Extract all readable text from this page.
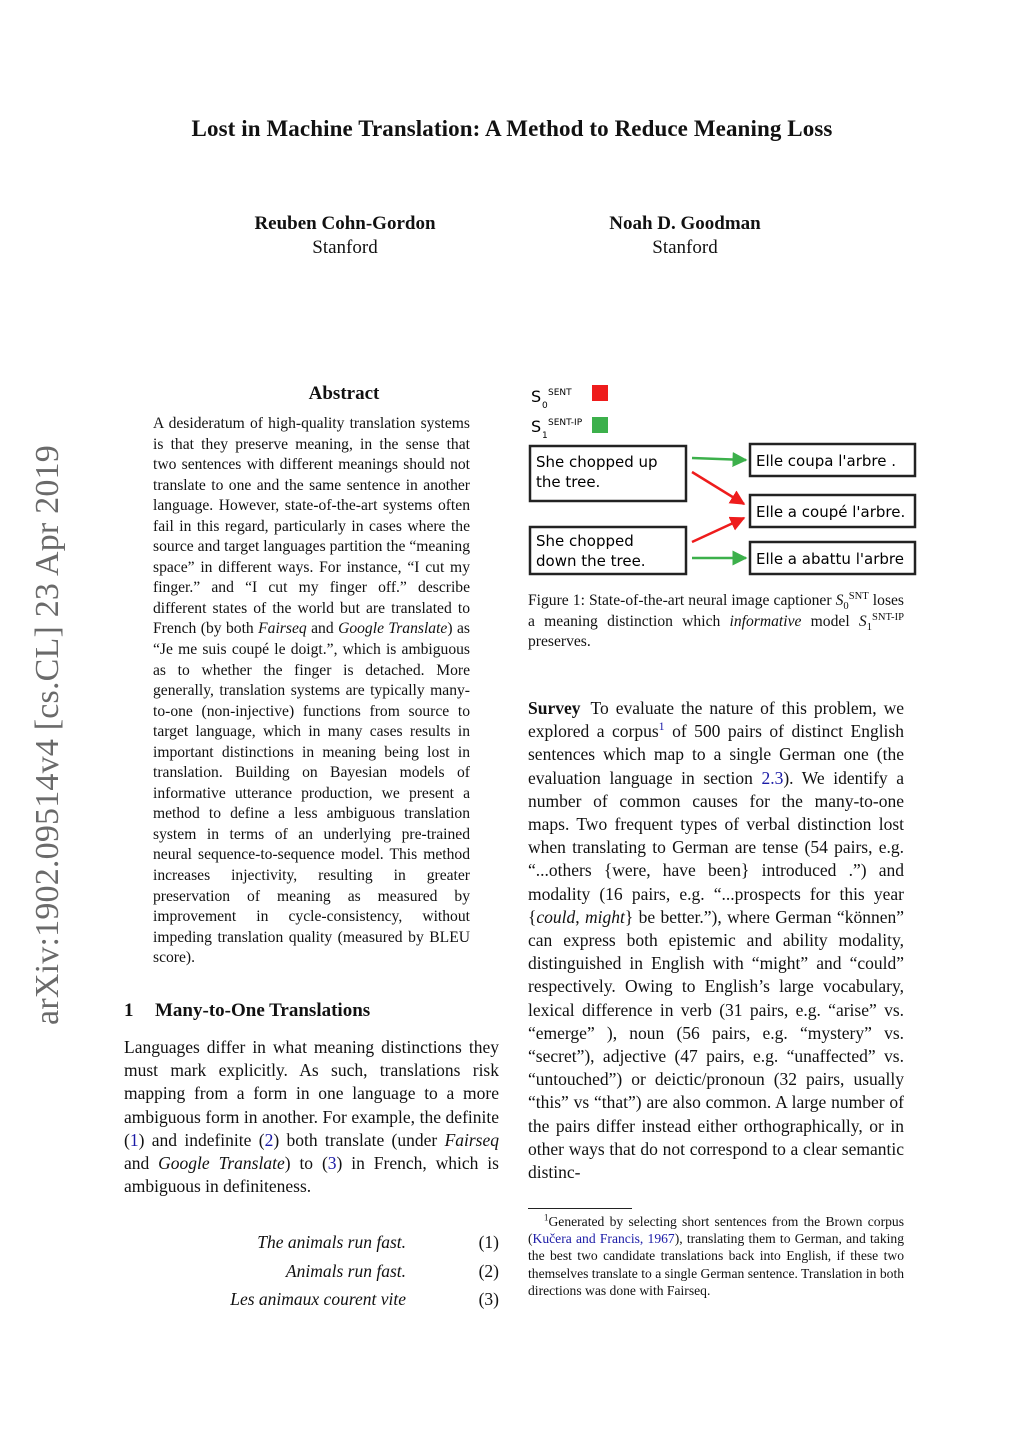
arXiv:1902.09514v4 [cs.CL] 23 Apr 2019
Lost in Machine Translation: A Method to Reduce Meaning Loss
Reuben Cohn-Gordon
Stanford
Noah D. Goodman
Stanford
Abstract
A desideratum of high-quality translation systems is that they preserve meaning, in the sense that two sentences with different meanings should not translate to one and the same sentence in another language. However, state-of-the-art systems often fail in this regard, particularly in cases where the source and target languages partition the “meaning space” in different ways. For instance, “I cut my finger.” and “I cut my finger off.” describe different states of the world but are translated to French (by both Fairseq and Google Translate) as “Je me suis coupé le doigt.”, which is ambiguous as to whether the finger is detached. More generally, translation systems are typically many-to-one (non-injective) functions from source to target language, which in many cases results in important distinctions in meaning being lost in translation. Building on Bayesian models of informative utterance production, we present a method to define a less ambiguous translation system in terms of an underlying pre-trained neural sequence-to-sequence model. This method increases injectivity, resulting in greater preservation of meaning as measured by improvement in cycle-consistency, without impeding translation quality (measured by BLEU score).
1 Many-to-One Translations
Languages differ in what meaning distinctions they must mark explicitly. As such, translations risk mapping from a form in one language to a more ambiguous form in another. For example, the definite (1) and indefinite (2) both translate (under Fairseq and Google Translate) to (3) in French, which is ambiguous in definiteness.
The animals run fast.	(1)
Animals run fast.	(2)
Les animaux courent vite	(3)
S 0
SENT
S 1
SENT-IP
She chopped up
the tree.
She chopped
down the tree.
Elle coupa l'arbre .
Elle a coupé l'arbre.
Elle a abattu l'arbre
Figure 1: State-of-the-art neural image captioner $S_0^{SNT}$ loses a meaning distinction which informative model $S_1^{SNT-IP}$ preserves.
Survey To evaluate the nature of this problem, we explored a corpus$^1$ of 500 pairs of distinct English sentences which map to a single German one (the evaluation language in section 2.3). We identify a number of common causes for the many-to-one maps. Two frequent types of verbal distinction lost when translating to German are tense (54 pairs, e.g. “...others {were, have been} introduced .”) and modality (16 pairs, e.g. “...prospects for this year {could, might} be better.”), where German “können” can express both epistemic and ability modality, distinguished in English with “might” and “could” respectively. Owing to English’s large vocabulary, lexical difference in verb (31 pairs, e.g. “arise” vs. “emerge” ), noun (56 pairs, e.g. “mystery” vs. “secret”), adjective (47 pairs, e.g. “unaffected” vs. “untouched”) or deictic/pronoun (32 pairs, usually “this” vs “that”) are also common. A large number of the pairs differ instead either orthographically, or in other ways that do not correspond to a clear semantic distinc-
$^1$Generated by selecting short sentences from the Brown corpus (Kučera and Francis, 1967), translating them to German, and taking the best two candidate translations back into English, if these two themselves translate to a single German sentence. Translation in both directions was done with Fairseq.
